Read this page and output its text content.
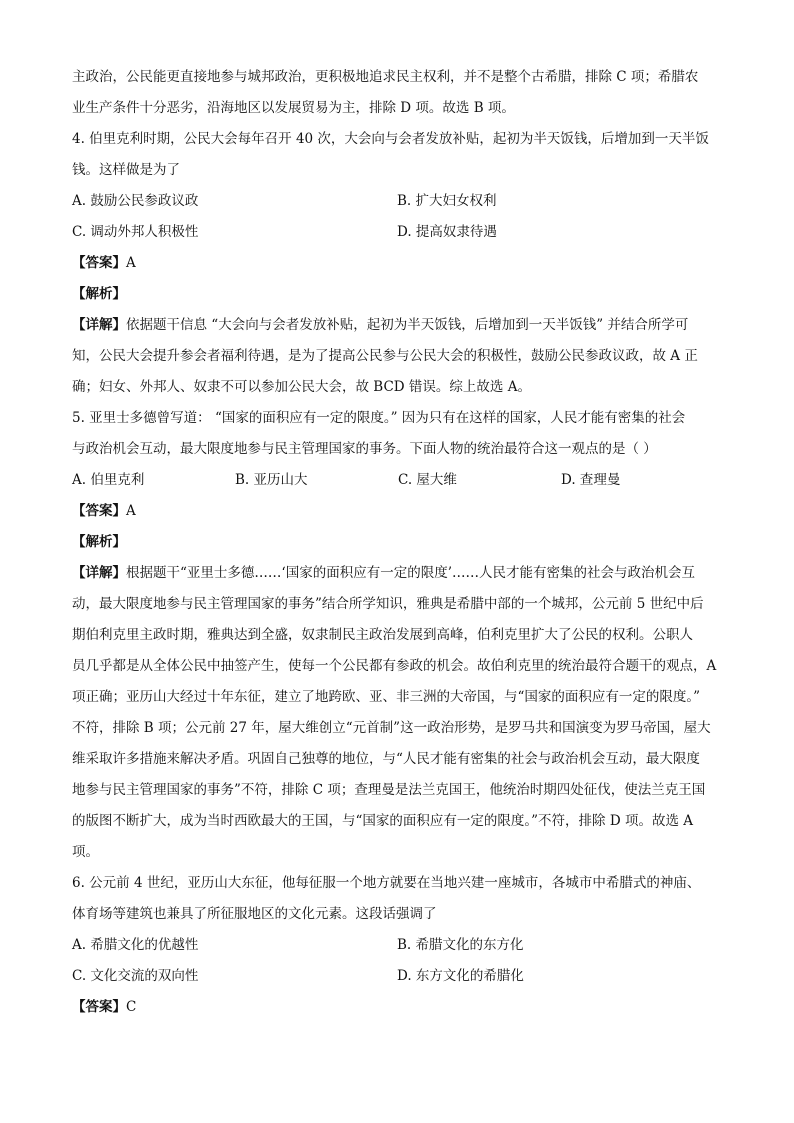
主政治，公民能更直接地参与城邦政治，更积极地追求民主权利，并不是整个古希腊，排除 C 项；希腊农
业生产条件十分恶劣，沿海地区以发展贸易为主，排除 D 项。故选 B 项。
4. 伯里克利时期，公民大会每年召开 40 次，大会向与会者发放补贴，起初为半天饭钱，后增加到一天半饭
钱。这样做是为了
A. 鼓励公民参政议政	B. 扩大妇女权利
C. 调动外邦人积极性	D. 提高奴隶待遇
【答案】A
【解析】
【详解】依据题干信息 “大会向与会者发放补贴，起初为半天饭钱，后增加到一天半饭钱” 并结合所学可
知，公民大会提升参会者福利待遇，是为了提高公民参与公民大会的积极性，鼓励公民参政议政，故 A 正
确；妇女、外邦人、奴隶不可以参加公民大会，故 BCD 错误。综上故选 A。
5. 亚里士多德曾写道： “国家的面积应有一定的限度。” 因为只有在这样的国家，人民才能有密集的社会
与政治机会互动，最大限度地参与民主管理国家的事务。下面人物的统治最符合这一观点的是（ ）
A. 伯里克利	B. 亚历山大	C. 屋大维	D. 查理曼
【答案】A
【解析】
【详解】根据题干“亚里士多德……‘国家的面积应有一定的限度’……人民才能有密集的社会与政治机会互
动，最大限度地参与民主管理国家的事务”结合所学知识，雅典是希腊中部的一个城邦，公元前 5 世纪中后
期伯利克里主政时期，雅典达到全盛，奴隶制民主政治发展到高峰，伯利克里扩大了公民的权利。公职人
员几乎都是从全体公民中抽签产生，使每一个公民都有参政的机会。故伯利克里的统治最符合题干的观点，A
项正确；亚历山大经过十年东征，建立了地跨欧、亚、非三洲的大帝国，与“国家的面积应有一定的限度。”
不符，排除 B 项；公元前 27 年，屋大维创立“元首制”这一政治形势，是罗马共和国演变为罗马帝国，屋大
维采取许多措施来解决矛盾。巩固自己独尊的地位，与“人民才能有密集的社会与政治机会互动，最大限度
地参与民主管理国家的事务”不符，排除 C 项；查理曼是法兰克国王，他统治时期四处征伐，使法兰克王国
的版图不断扩大，成为当时西欧最大的王国，与“国家的面积应有一定的限度。”不符，排除 D 项。故选 A
项。
6. 公元前 4 世纪，亚历山大东征，他每征服一个地方就要在当地兴建一座城市，各城市中希腊式的神庙、
体育场等建筑也兼具了所征服地区的文化元素。这段话强调了
A. 希腊文化的优越性	B. 希腊文化的东方化
C. 文化交流的双向性	D. 东方文化的希腊化
【答案】C
